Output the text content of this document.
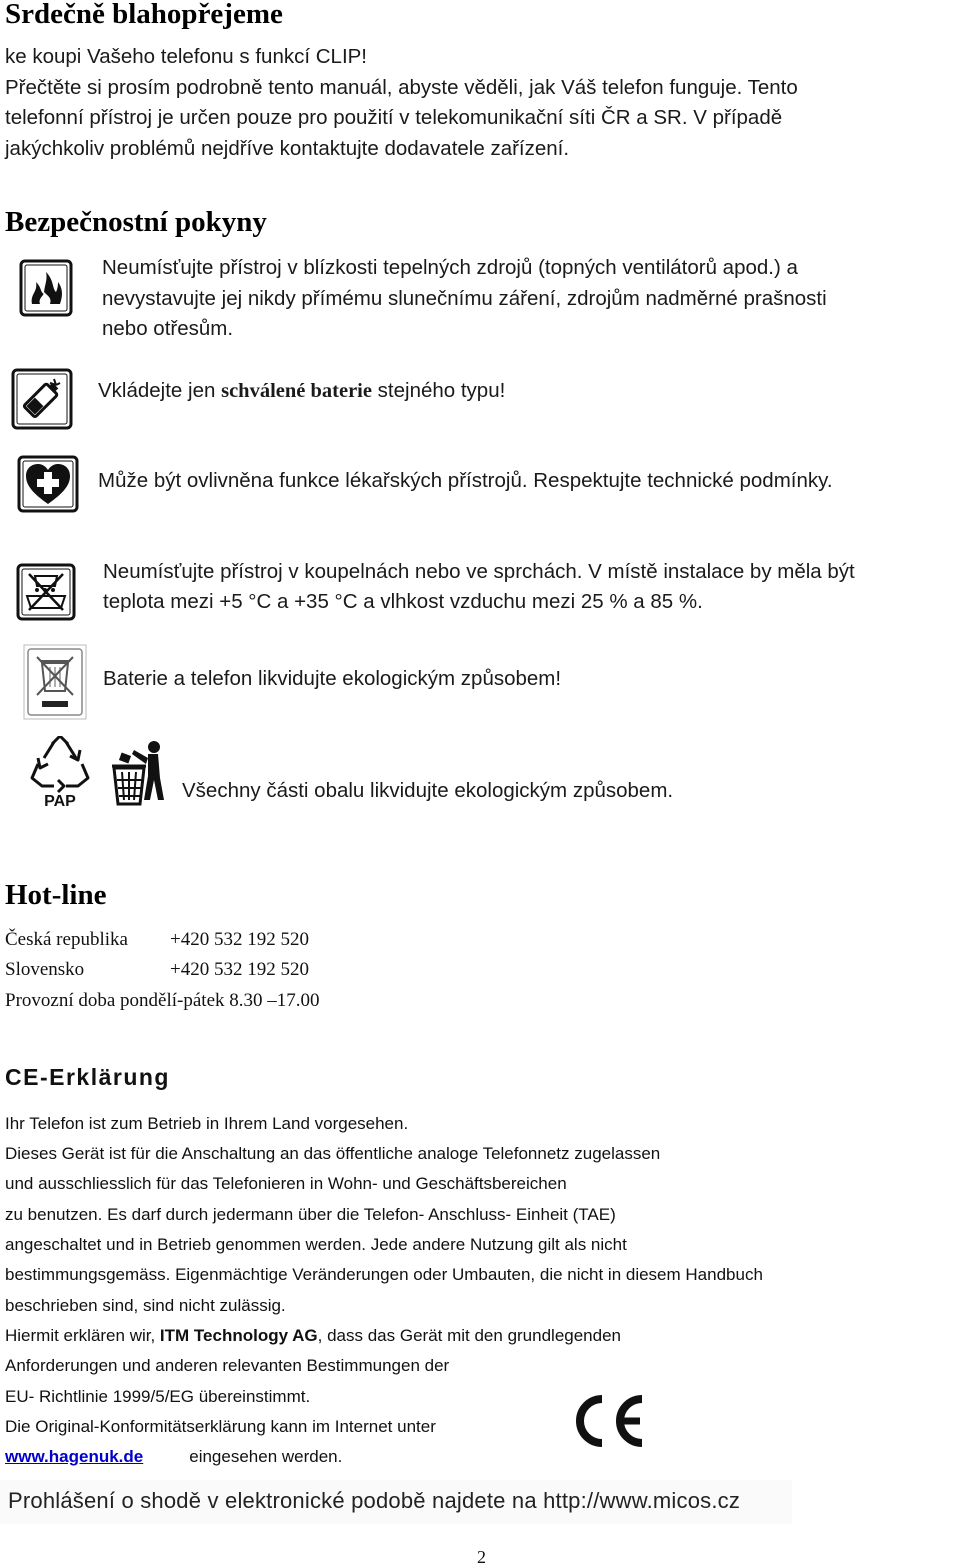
Srdečně blahopřejeme
ke koupi Vašeho telefonu s funkcí CLIP!
Přečtěte si prosím podrobně tento manuál, abyste věděli, jak Váš telefon funguje. Tento
telefonní přístroj je určen pouze pro použití v telekomunikační síti ČR a SR. V případě
jakýchkoliv problémů nejdříve kontaktujte dodavatele zařízení.
Bezpečnostní pokyny
Neumísťujte přístroj v blízkosti tepelných zdrojů (topných ventilátorů apod.) a
nevystavujte jej nikdy přímému slunečnímu záření, zdrojům nadměrné prašnosti
nebo otřesům.
Vkládejte jen schválené baterie stejného typu!
Může být ovlivněna funkce lékařských přístrojů. Respektujte technické podmínky.
Neumísťujte přístroj v koupelnách nebo ve sprchách. V místě instalace by měla být
teplota mezi +5 °C a +35 °C a vlhkost vzduchu mezi 25 % a 85 %.
Baterie a telefon likvidujte ekologickým způsobem!
PAP	Všechny části obalu likvidujte ekologickým způsobem.
Hot-line
Česká republika +420 532 192 520
Slovensko	+420 532 192 520
Provozní doba pondělí-pátek 8.30 –17.00
CE-Erklärung
Ihr Telefon ist zum Betrieb in Ihrem Land vorgesehen.
Dieses Gerät ist für die Anschaltung an das öffentliche analoge Telefonnetz zugelassen
und ausschliesslich für das Telefonieren in Wohn- und Geschäftsbereichen
zu benutzen. Es darf durch jedermann über die Telefon- Anschluss- Einheit (TAE)
angeschaltet und in Betrieb genommen werden. Jede andere Nutzung gilt als nicht
bestimmungsgemäss. Eigenmächtige Veränderungen oder Umbauten, die nicht in diesem Handbuch
beschrieben sind, sind nicht zulässig.
Hiermit erklären wir, ITM Technology AG, dass das Gerät mit den grundlegenden
Anforderungen und anderen relevanten Bestimmungen der
EU- Richtlinie 1999/5/EG übereinstimmt.
Die Original-Konformitätserklärung kann im Internet unter
www.hagenuk.de	eingesehen werden.
Prohlášení o shodě v elektronické podobě najdete na http://www.micos.cz
2
